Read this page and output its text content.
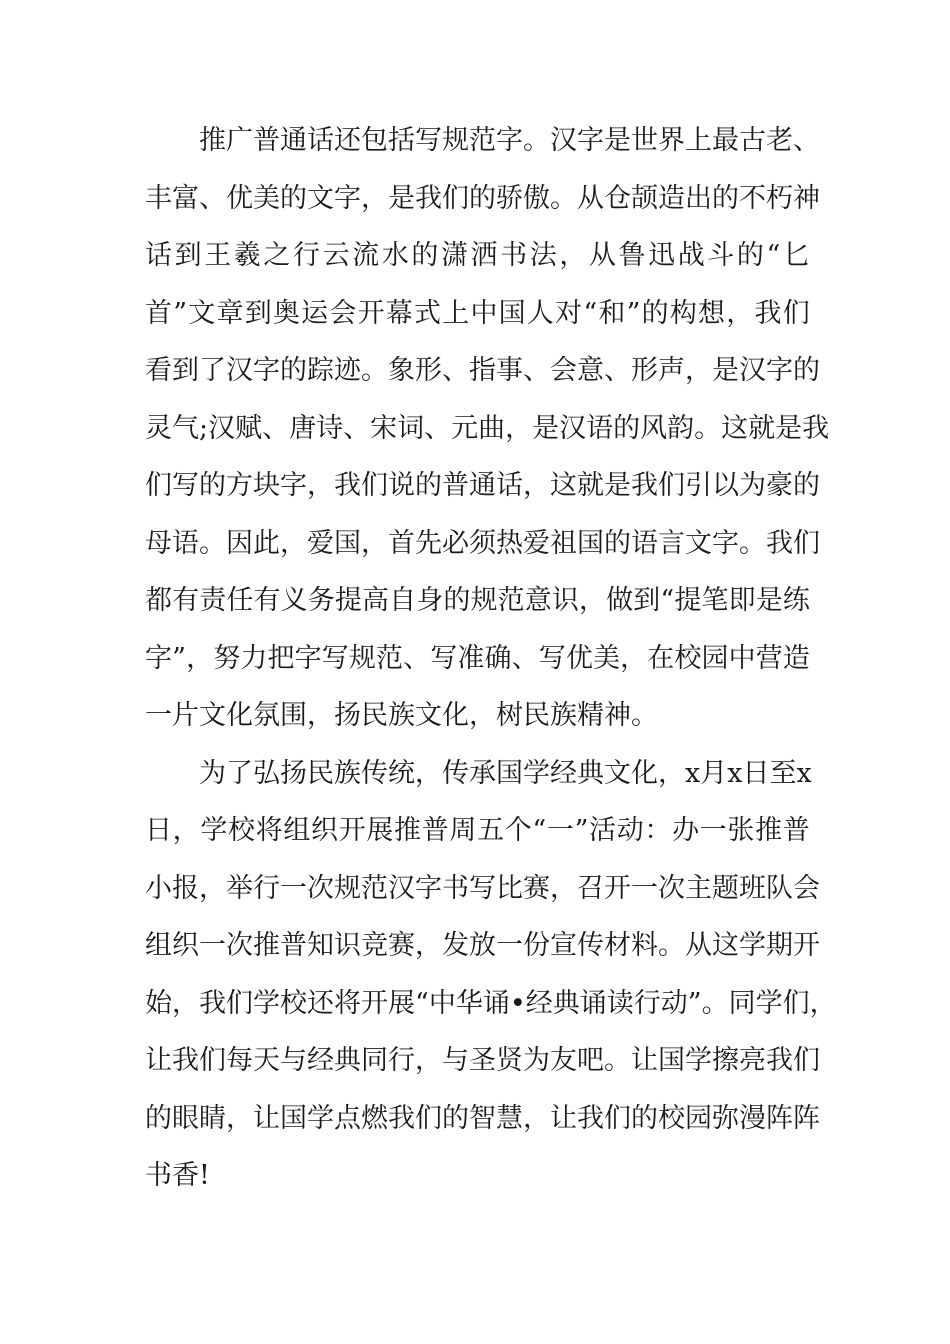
推 广 普 通 话 还 包 括 写 规 范 字 。 汉 字 是 世 界 上 最 古 老 、
丰 富 、 优 美 的 文 字 ， 是 我 们 的 骄 傲 。 从 仓 颉 造 出 的 不 朽 神
话 到 王 羲 之 行 云 流 水 的 潇 洒 书 法 ， 从 鲁 迅 战 斗 的 “ 匕
首 ” 文 章 到 奥 运 会 开 幕 式 上 中 国 人 对 “ 和 ” 的 构 想 ， 我 们
看 到 了 汉 字 的 踪 迹 。 象 形 、 指 事 、 会 意 、 形 声 ， 是 汉 字 的
灵 气 ; 汉 赋 、 唐 诗 、 宋 词 、 元 曲 ， 是 汉 语 的 风 韵 。 这 就 是 我
们 写 的 方 块 字 ， 我 们 说 的 普 通 话 ， 这 就 是 我 们 引 以 为 豪 的
母 语 。 因 此 ， 爱 国 ， 首 先 必 须 热 爱 祖 国 的 语 言 文 字 。 我 们
都 有 责 任 有 义 务 提 高 自 身 的 规 范 意 识 ， 做 到 “ 提 笔 即 是 练
字 ” ， 努 力 把 字 写 规 范 、 写 准 确 、 写 优 美 ， 在 校 园 中 营 造
一片文化氛围，扬民族文化，树民族精神。
为 了 弘 扬 民 族 传 统 ， 传 承 国 学 经 典 文 化 ， x 月 x 日 至 x
日 ， 学 校 将 组 织 开 展 推 普 周 五 个 “ 一 ” 活 动 ： 办 一 张 推 普
小 报 ， 举 行 一 次 规 范 汉 字 书 写 比 赛 ， 召 开 一 次 主 题 班 队 会
组 织 一 次 推 普 知 识 竞 赛 ， 发 放 一 份 宣 传 材 料 。 从 这 学 期 开
始 ， 我 们 学 校 还 将 开 展 “ 中 华 诵 • 经 典 诵 读 行 动 ” 。 同 学 们 ，
让 我 们 每 天 与 经 典 同 行 ， 与 圣 贤 为 友 吧 。 让 国 学 擦 亮 我 们
的 眼 睛 ， 让 国 学 点 燃 我 们 的 智 慧 ， 让 我 们 的 校 园 弥 漫 阵 阵
书香!
